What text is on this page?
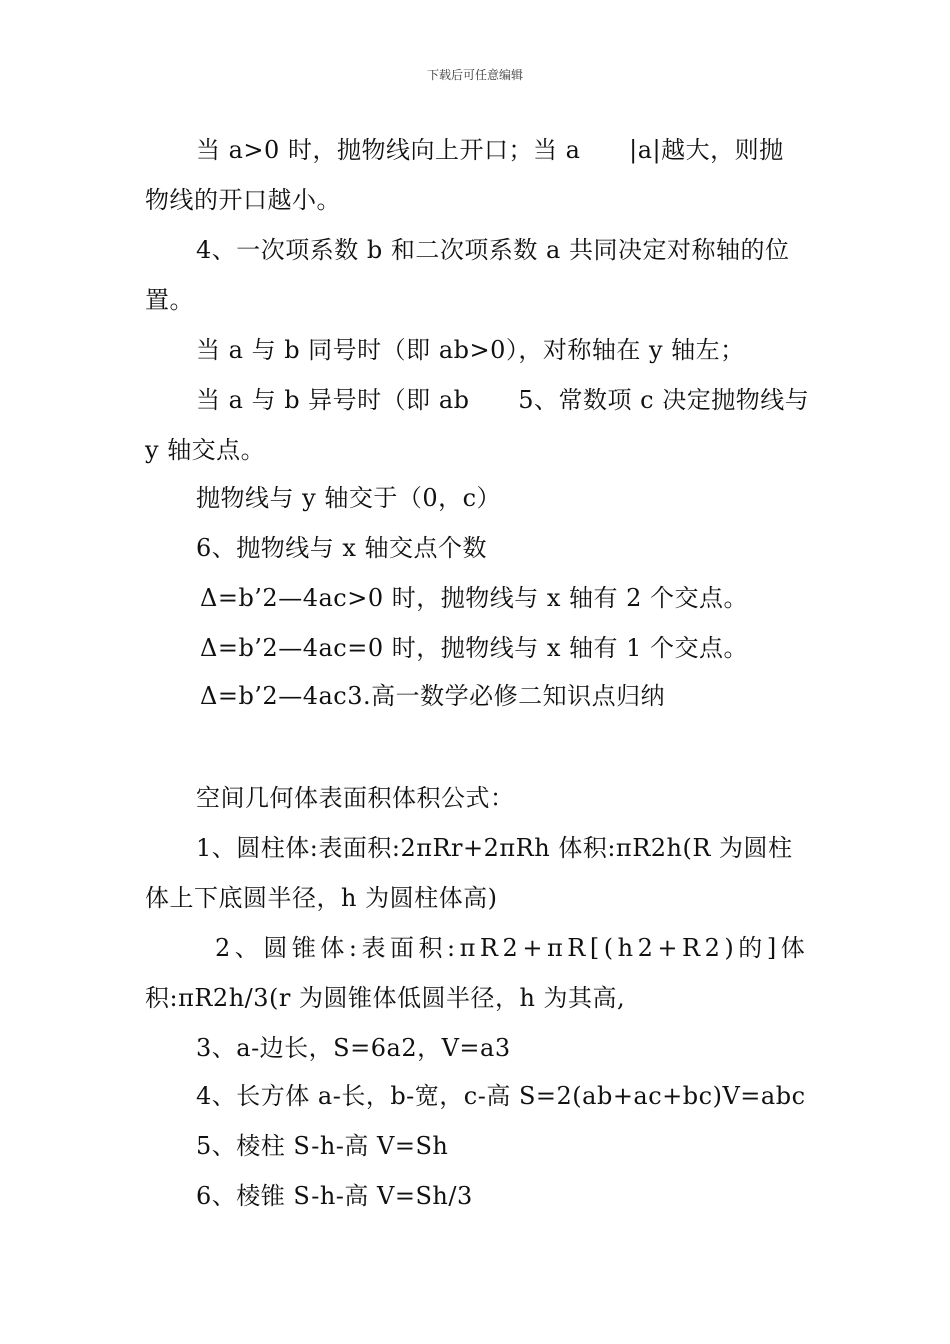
下载后可任意编辑
当 a>0 时，抛物线向上开口；当 a      |a|越大，则抛
物线的开口越小。
4、一次项系数 b 和二次项系数 a 共同决定对称轴的位
置。
当 a 与 b 同号时（即 ab>0），对称轴在 y 轴左；
当 a 与 b 异号时（即 ab      5、常数项 c 决定抛物线与
y 轴交点。
抛物线与 y 轴交于（0，c）
6、抛物线与 x 轴交点个数
Δ=b’2—4ac>0 时，抛物线与 x 轴有 2 个交点。
Δ=b’2—4ac=0 时，抛物线与 x 轴有 1 个交点。
Δ=b’2—4ac3.高一数学必修二知识点归纳
空间几何体表面积体积公式：
1、圆柱体:表面积:2πRr+2πRh 体积:πR2h(R 为圆柱
体上下底圆半径，h 为圆柱体高)
2 、 圆 锥 体 : 表 面 积 : π R 2 + π R [ ( h 2 + R 2 ) 的 ] 体
积:πR2h/3(r 为圆锥体低圆半径，h 为其高,
3、a-边长，S=6a2，V=a3
4、长方体 a-长，b-宽，c-高 S=2(ab+ac+bc)V=abc
5、棱柱 S-h-高 V=Sh
6、棱锥 S-h-高 V=Sh/3
